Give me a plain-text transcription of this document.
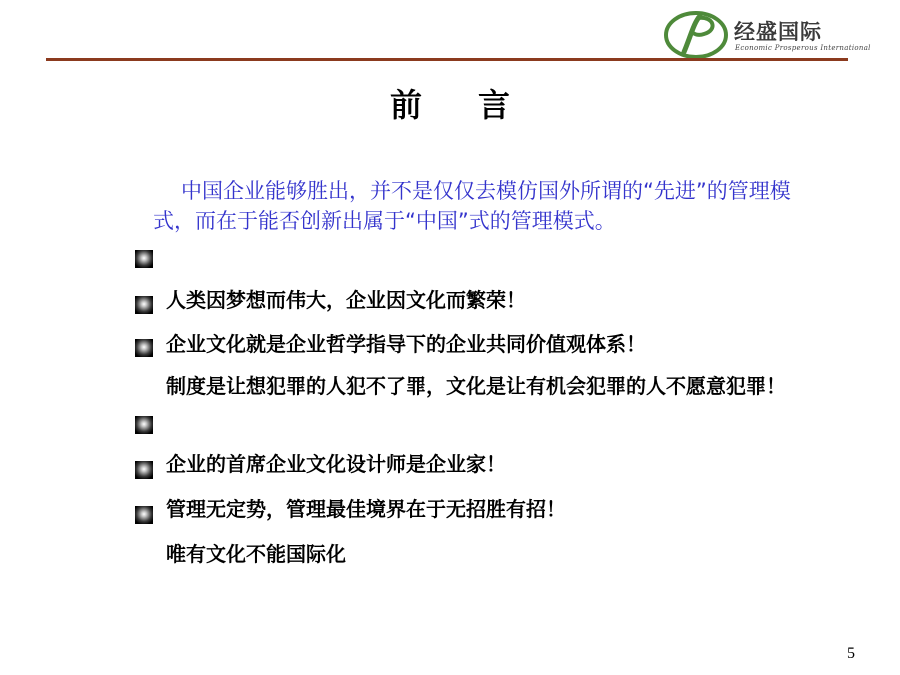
经盛国际
Economic Prosperous International
前言
中国企业能够胜出，并不是仅仅去模仿国外所谓的“先进”的管理模式，而在于能否创新出属于“中国”式的管理模式。
人类因梦想而伟大，企业因文化而繁荣！
企业文化就是企业哲学指导下的企业共同价值观体系！
制度是让想犯罪的人犯不了罪，文化是让有机会犯罪的人不愿意犯罪！
企业的首席企业文化设计师是企业家！
管理无定势，管理最佳境界在于无招胜有招！
唯有文化不能国际化
5
